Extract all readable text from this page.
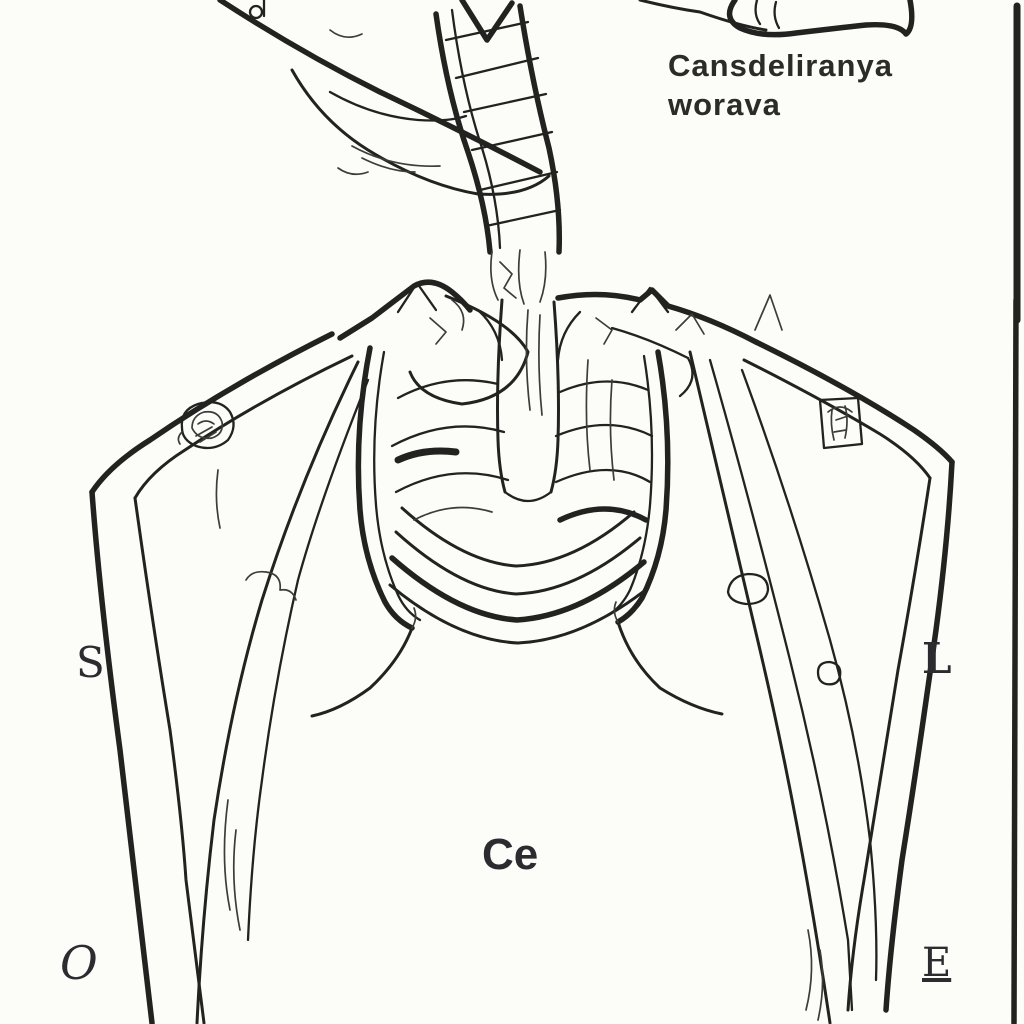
Cansdeliranya
worava
S	L
Ce
O	E
